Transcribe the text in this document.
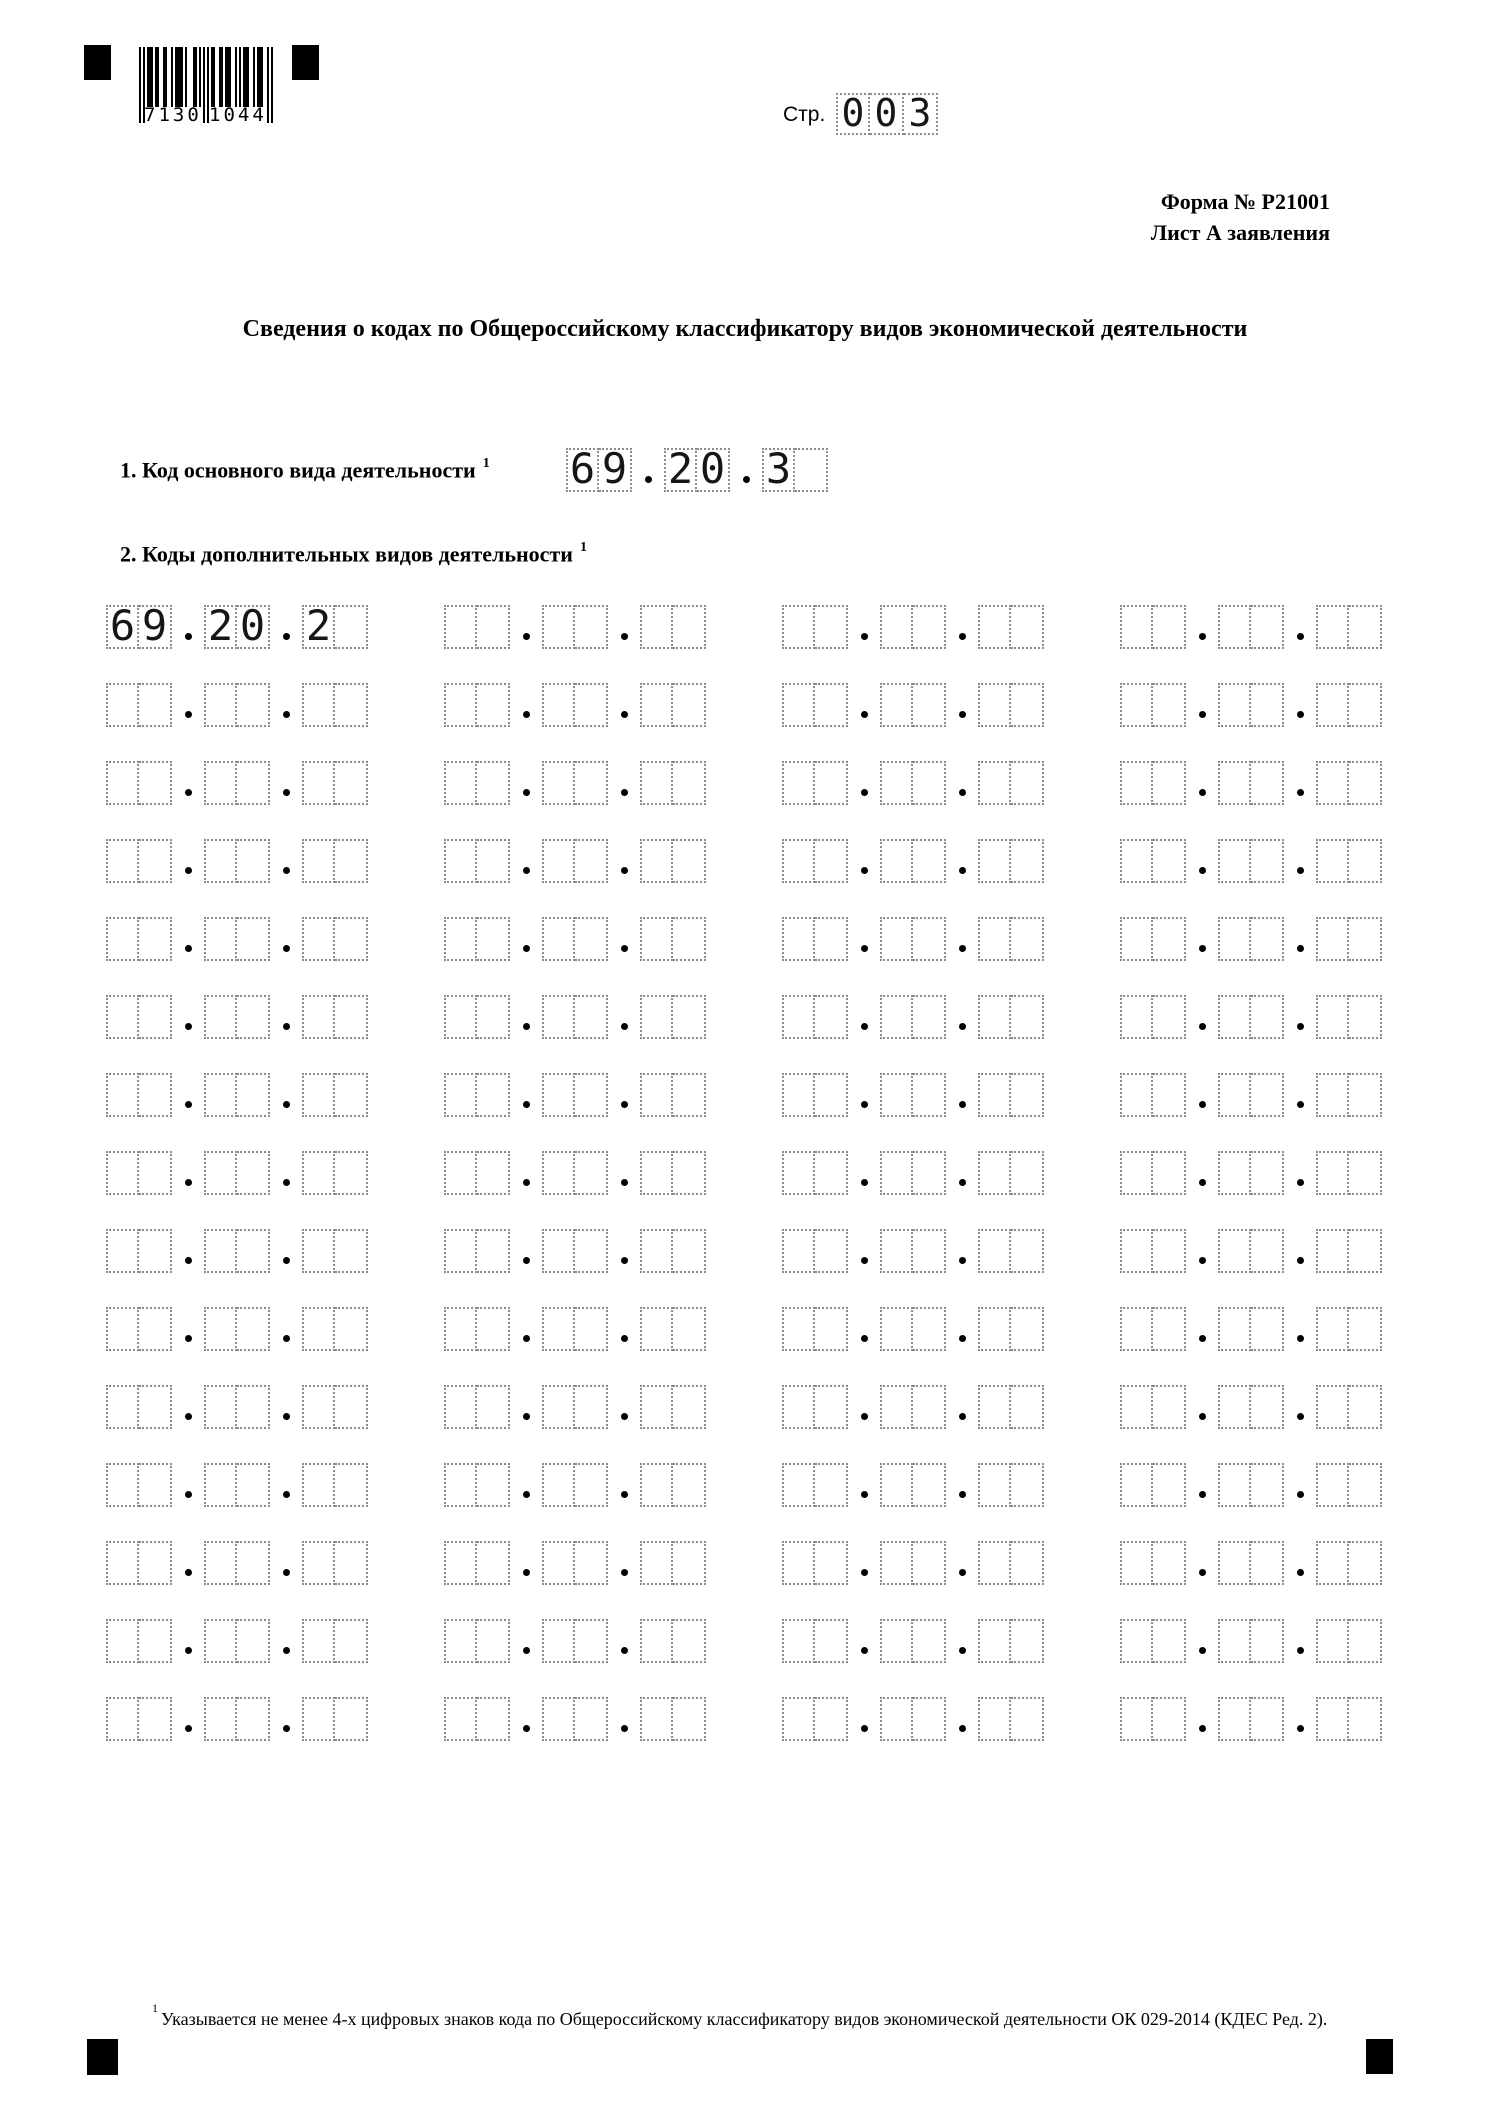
7130 1044	Стр. 0 0 3
Форма № Р21001
Лист А заявления
Сведения о кодах по Общероссийскому классификатору видов экономической деятельности
1. Код основного вида деятельности $^1$ 6 9 2 0 3
2. Коды дополнительных видов деятельности $^1$
6 9 2 0 2
$^1$Указывается не менее 4-х цифровых знаков кода по Общероссийскому классификатору видов экономической деятельности ОК 029-2014 (КДЕС Ред. 2).
